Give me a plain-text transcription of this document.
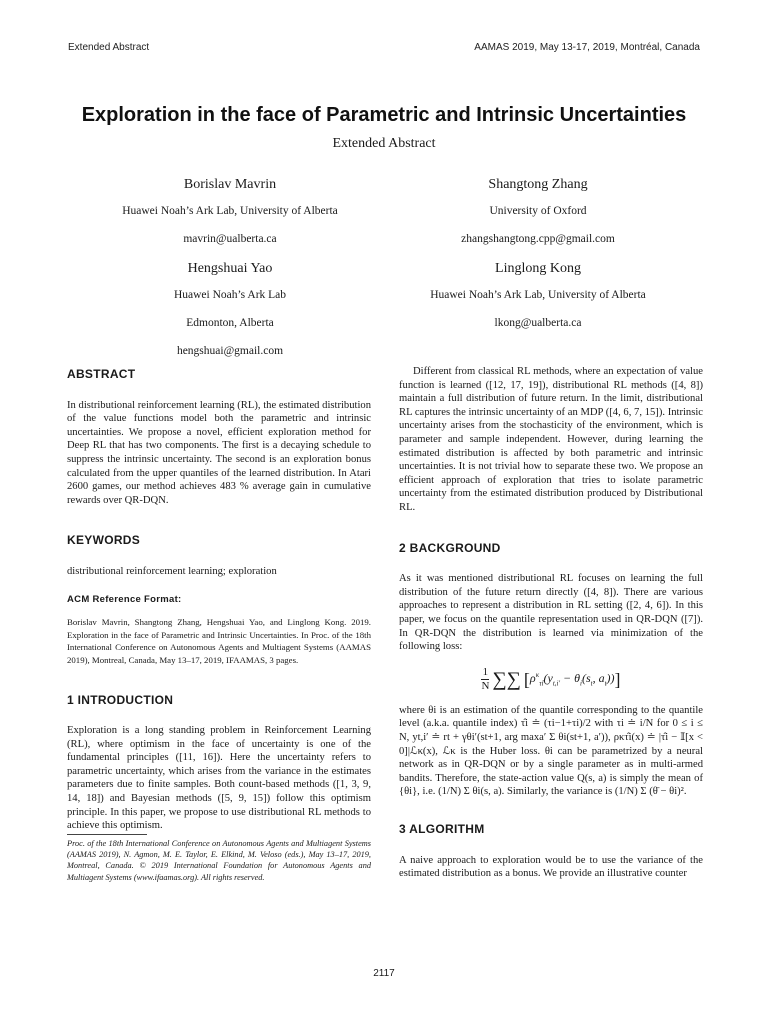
Extended Abstract	AAMAS 2019, May 13-17, 2019, Montréal, Canada
Exploration in the face of Parametric and Intrinsic Uncertainties
Extended Abstract
Borislav Mavrin
Huawei Noah’s Ark Lab, University of Alberta
mavrin@ualberta.ca
Shangtong Zhang
University of Oxford
zhangshangtong.cpp@gmail.com
Hengshuai Yao
Huawei Noah’s Ark Lab
Edmonton, Alberta
hengshuai@gmail.com
Linglong Kong
Huawei Noah’s Ark Lab, University of Alberta
lkong@ualberta.ca
ABSTRACT

In distributional reinforcement learning (RL), the estimated distribution of the value functions model both the parametric and intrinsic uncertainties. We propose a novel, efficient exploration method for Deep RL that has two components. The first is a decaying schedule to suppress the intrinsic uncertainty. The second is an exploration bonus calculated from the upper quantiles of the learned distribution. In Atari 2600 games, our method achieves 483 % average gain in cumulative rewards over QR-DQN.

KEYWORDS

distributional reinforcement learning; exploration

ACM Reference Format:

Borislav Mavrin, Shangtong Zhang, Hengshuai Yao, and Linglong Kong. 2019. Exploration in the face of Parametric and Intrinsic Uncertainties. In Proc. of the 18th International Conference on Autonomous Agents and Multiagent Systems (AAMAS 2019), Montreal, Canada, May 13–17, 2019, IFAAMAS, 3 pages.

1 INTRODUCTION

Exploration is a long standing problem in Reinforcement Learning (RL), where optimism in the face of uncertainty is one of the fundamental principles ([11, 16]). Here the uncertainty refers to parametric uncertainty, which arises from the variance in the estimates parameters due to finite samples. Both count-based methods ([1, 3, 9, 14, 18]) and Bayesian methods ([5, 9, 15]) follow this optimism principle. In this paper, we propose to use distributional RL methods to achieve this optimism.

Proc. of the 18th International Conference on Autonomous Agents and Multiagent Systems (AAMAS 2019), N. Agmon, M. E. Taylor, E. Elkind, M. Veloso (eds.), May 13–17, 2019, Montreal, Canada. © 2019 International Foundation for Autonomous Agents and Multiagent Systems (www.ifaamas.org). All rights reserved.

Different from classical RL methods, where an expectation of value function is learned ([12, 17, 19]), distributional RL methods ([4, 8]) maintain a full distribution of future return. In the limit, distributional RL captures the intrinsic uncertainty of an MDP ([4, 6, 7, 15]). Intrinsic uncertainty arises from the stochasticity of the environment, which is parameter and sample independent. However, during learning the estimated distribution is affected by both parametric and intrinsic uncertainties. It is not trivial how to separate these two. We propose an efficient approach of exploration that tries to isolate parametric uncertainty from the estimated distribution produced by Distributional RL.

2 BACKGROUND

As it was mentioned distributional RL focuses on learning the full distribution of the future return directly ([4, 8]). There are various approaches to represent a distribution in RL setting ([2, 4, 6]). In this paper, we focus on the quantile representation used in QR-DQN ([7]). In QR-DQN the distribution is learned via minimization of the following loss:

$\frac{1}{N}$ ∑∑ [$\rho^\kappa_{\taûi}(y_{t,i'} - \theta_i(s_t$, $a_t$))]

where θi is an estimation of the quantile corresponding to the quantile level (a.k.a. quantile index) τ̂i ≐ (τi−1+τi)/2 with τi ≐ i/N for 0 ≤ i ≤ N, yt,i′ ≐ rt + γθi′(st+1, arg maxa′ Σ θi(st+1, a′)), ρκτ̂i(x) ≐ |τ̂i − 𝕀[x < 0]|ℒκ(x), ℒκ is the Huber loss. θi can be parametrized by a neural network as in QR-DQN or by a single parameter as in multi-armed bandits. Therefore, the state-action value Q(s, a) is simply the mean of {θi}, i.e. (1/N) Σ θi(s, a). Similarly, the variance is (1/N) Σ (θ̄ − θi)².

3 ALGORITHM

A naive approach to exploration would be to use the variance of the estimated distribution as a bonus. We provide an illustrative counter

2117
